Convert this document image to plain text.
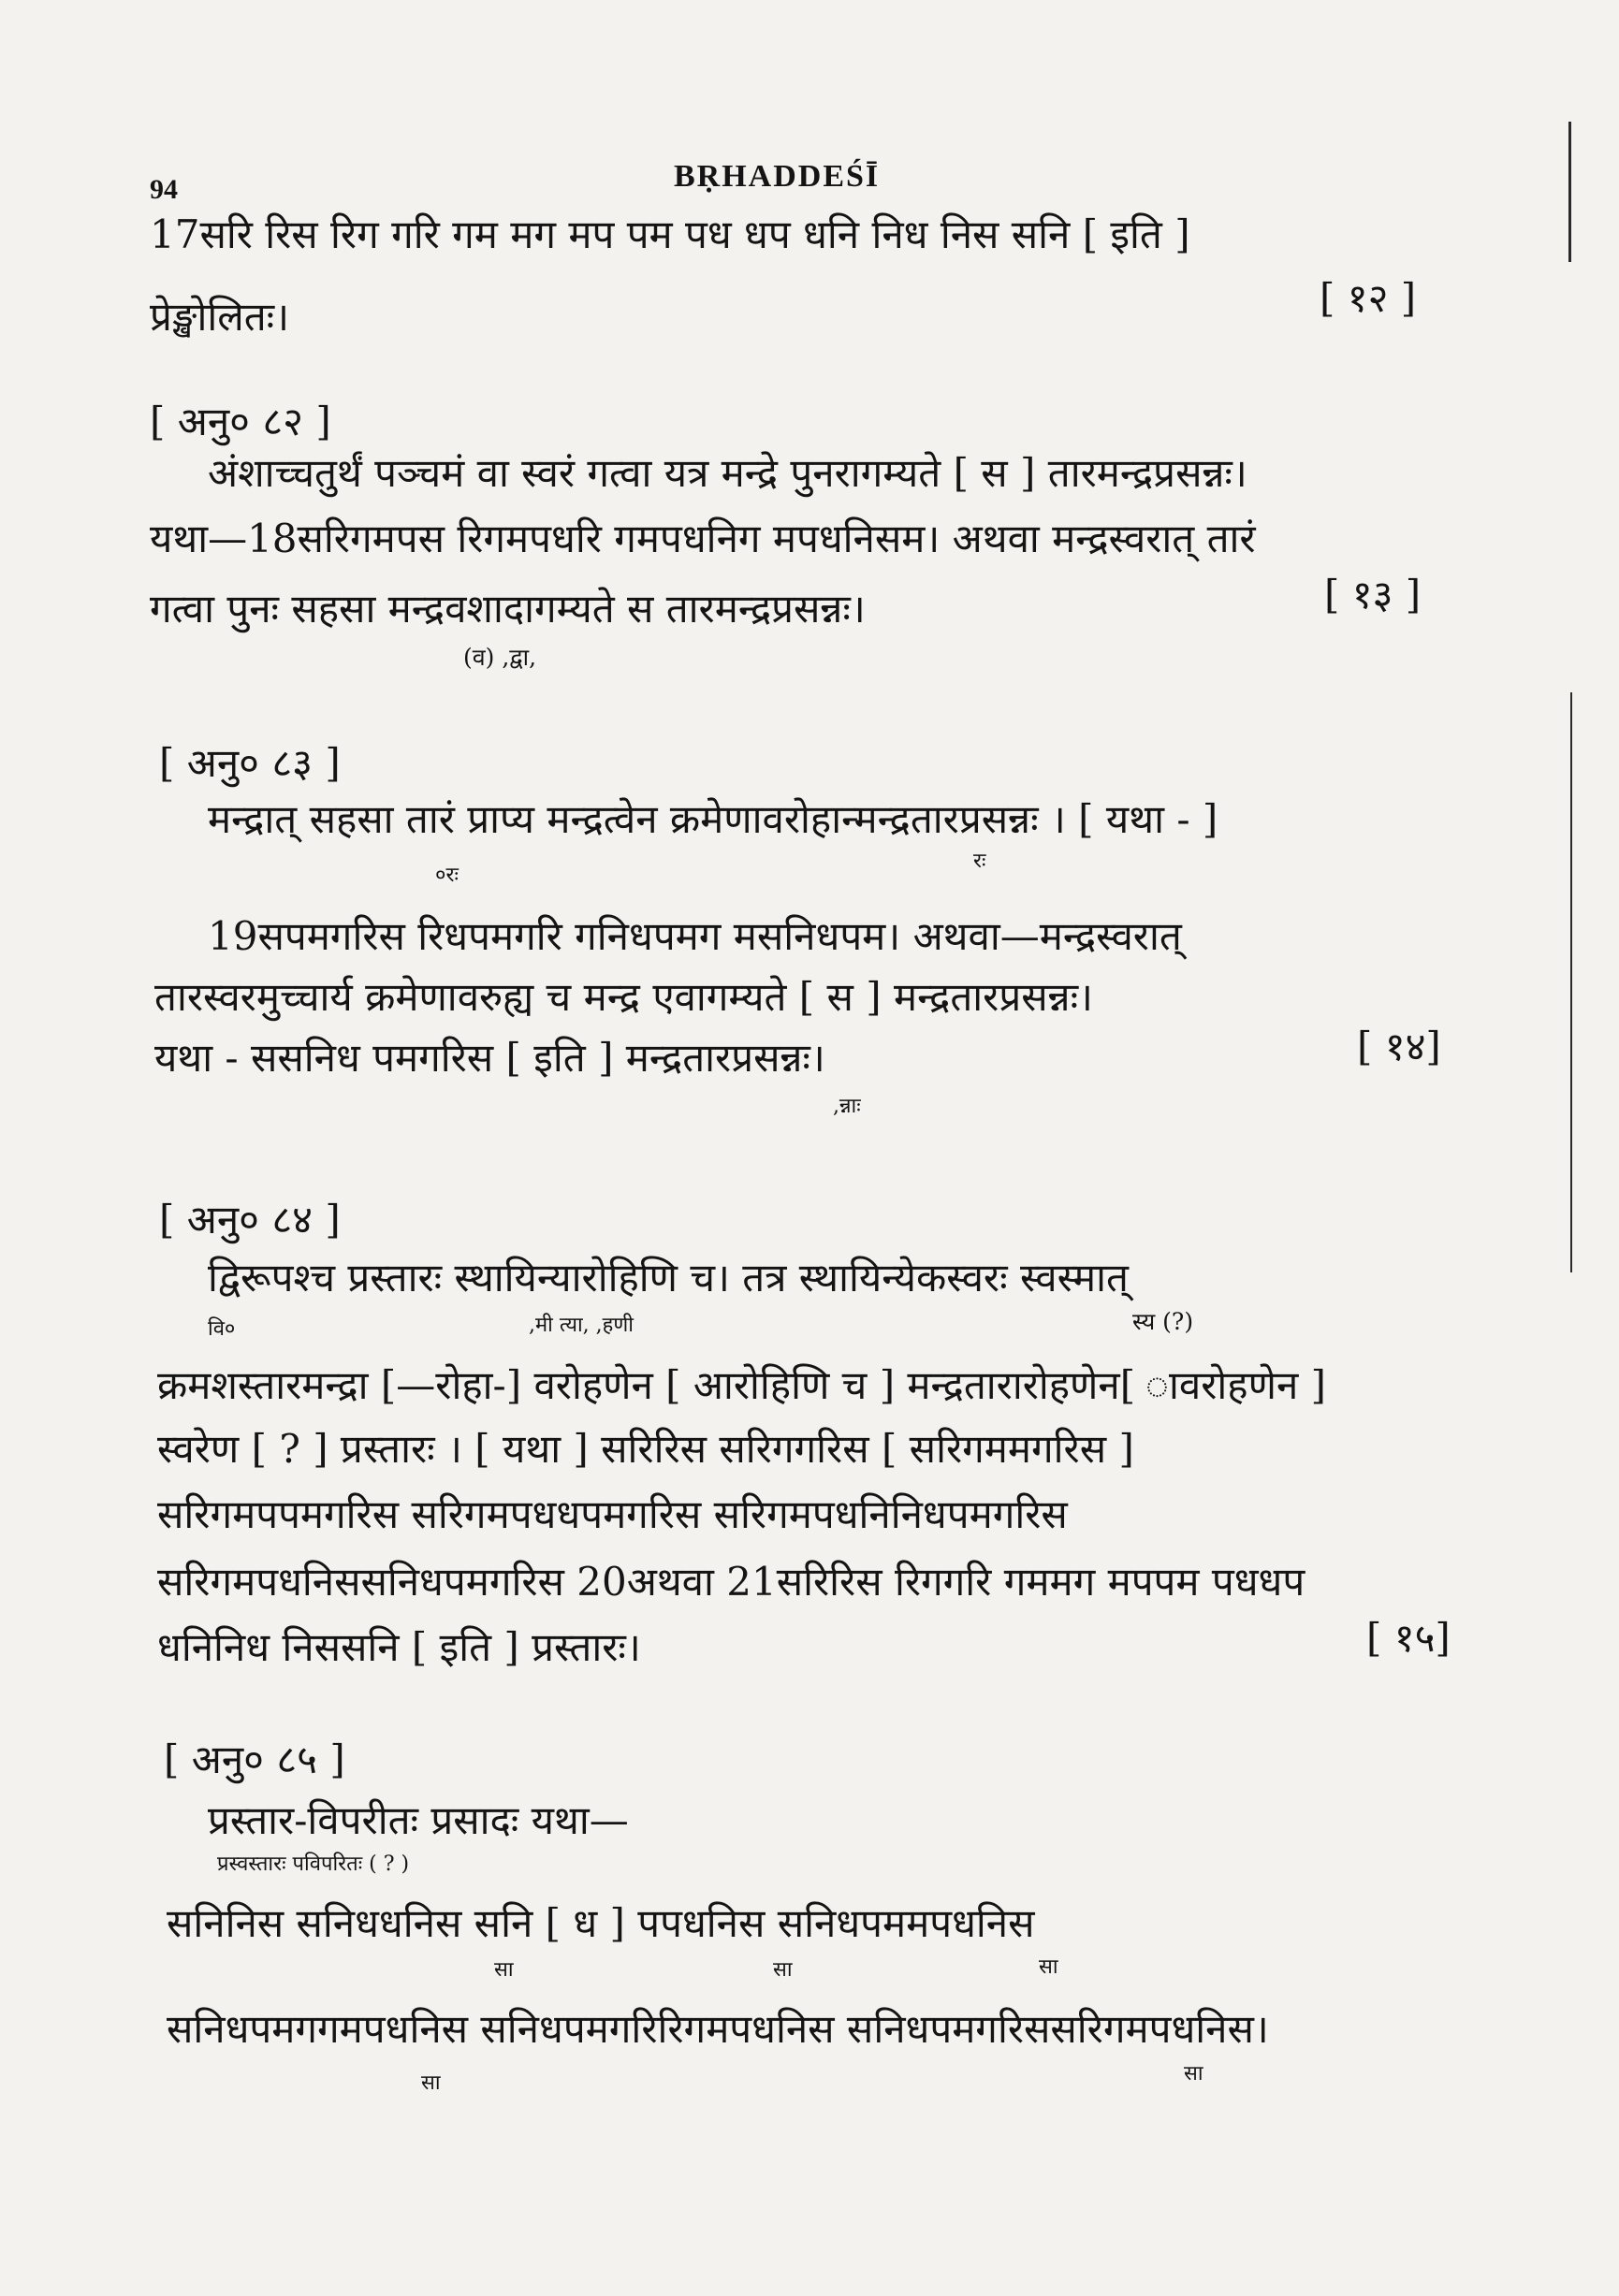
94	BṚHADDEŚĪ
17सरि रिस रिग गरि गम मग मप पम पध धप धनि निध निस सनि [ इति ]
प्रेङ्खोलितः।	[ १२ ]
[ अनु० ८२ ]
अंशाच्चतुर्थं पञ्चमं वा स्वरं गत्वा यत्र मन्द्रे पुनरागम्यते [ स ] तारमन्द्रप्रसन्नः।
यथा—18सरिगमपस रिगमपधरि गमपधनिग मपधनिसम। अथवा मन्द्रस्वरात् तारं
गत्वा पुनः सहसा मन्द्रवशादागम्यते स तारमन्द्रप्रसन्नः।	[ १३ ]
(व) ,द्वा,
[ अनु० ८३ ]
मन्द्रात् सहसा तारं प्राप्य मन्द्रत्वेन क्रमेणावरोहान्मन्द्रतारप्रसन्नः । [ यथा - ]
०रः
रः
19सपमगरिस रिधपमगरि गनिधपमग मसनिधपम। अथवा—मन्द्रस्वरात्
तारस्वरमुच्चार्य क्रमेणावरुह्य च मन्द्र एवागम्यते [ स ] मन्द्रतारप्रसन्नः।
यथा - ससनिध पमगरिस [ इति ] मन्द्रतारप्रसन्नः।	[ १४]
,न्नाः
[ अनु० ८४ ]
द्विरूपश्च प्रस्तारः स्थायिन्यारोहिणि च। तत्र स्थायिन्येकस्वरः स्वस्मात्
वि०	,मी त्या, ,हणी	स्य (?)
क्रमशस्तारमन्द्रा [—रोहा-] वरोहणेन [ आरोहिणि च ] मन्द्रतारारोहणेन[ ावरोहणेन ]
स्वरेण [ ? ] प्रस्तारः । [ यथा ] सरिरिस सरिगगरिस [ सरिगममगरिस ]
सरिगमपपमगरिस सरिगमपधधपमगरिस सरिगमपधनिनिधपमगरिस
सरिगमपधनिससनिधपमगरिस 20अथवा 21सरिरिस रिगगरि गममग मपपम पधधप
धनिनिध निससनि [ इति ] प्रस्तारः।	[ १५]
[ अनु० ८५ ]
प्रस्तार-विपरीतः प्रसादः यथा—
प्रस्वस्तारः पविपरितः ( ? )
सनिनिस सनिधधनिस सनि [ ध ] पपधनिस सनिधपममपधनिस
सा	सा	सा
सनिधपमगगमपधनिस सनिधपमगरिरिगमपधनिस सनिधपमगरिससरिगमपधनिस।
सा	सा
